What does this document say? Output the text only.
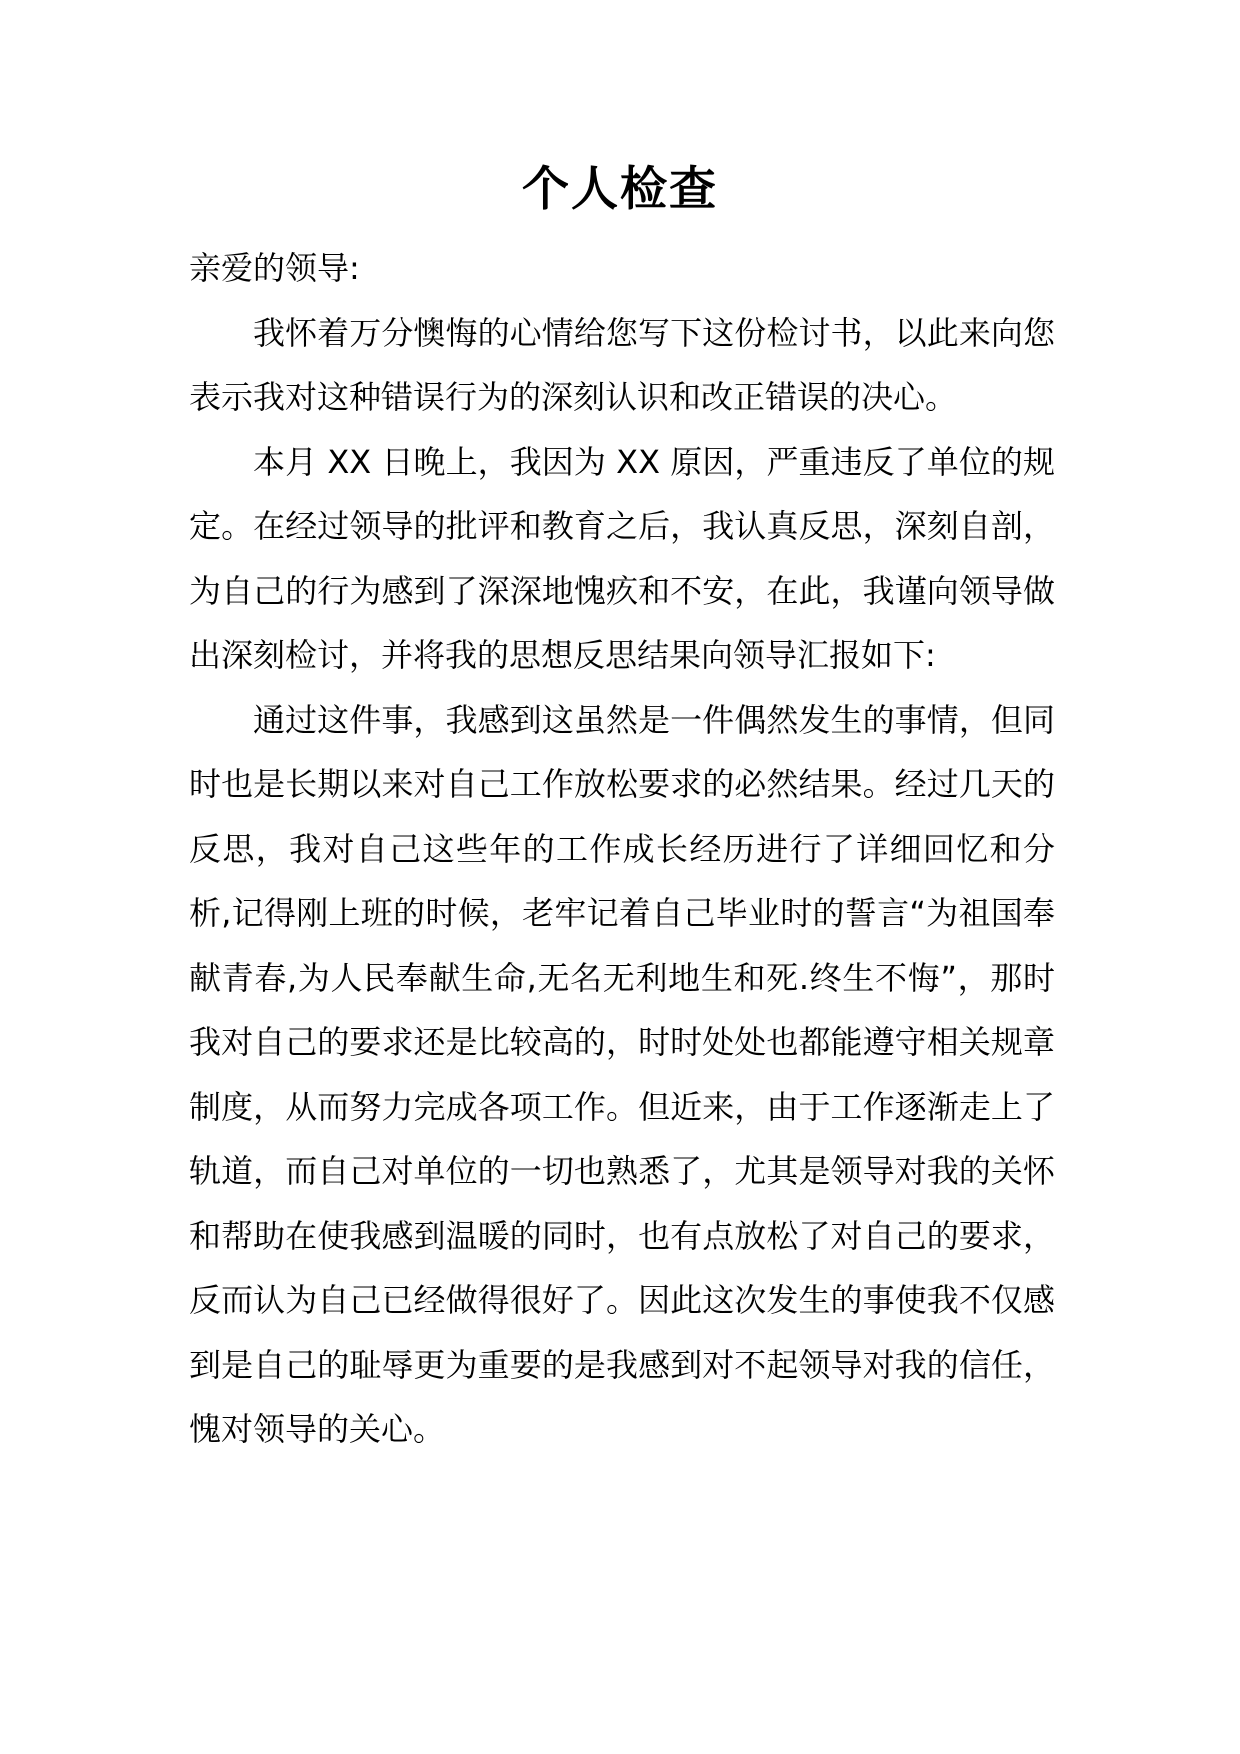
个人检查

亲爱的领导:

我怀着万分懊悔的心情给您写下这份检讨书，以此来向您表示我对这种错误行为的深刻认识和改正错误的决心。

本月 XX 日晚上，我因为 XX 原因，严重违反了单位的规定。在经过领导的批评和教育之后，我认真反思，深刻自剖，为自己的行为感到了深深地愧疚和不安，在此，我谨向领导做出深刻检讨，并将我的思想反思结果向领导汇报如下:

通过这件事，我感到这虽然是一件偶然发生的事情，但同时也是长期以来对自己工作放松要求的必然结果。经过几天的反思，我对自己这些年的工作成长经历进行了详细回忆和分析,记得刚上班的时候，老牢记着自己毕业时的誓言“为祖国奉献青春,为人民奉献生命,无名无利地生和死.终生不悔”，那时我对自己的要求还是比较高的，时时处处也都能遵守相关规章制度，从而努力完成各项工作。但近来，由于工作逐渐走上了轨道，而自己对单位的一切也熟悉了，尤其是领导对我的关怀和帮助在使我感到温暖的同时，也有点放松了对自己的要求，反而认为自己已经做得很好了。因此这次发生的事使我不仅感到是自己的耻辱更为重要的是我感到对不起领导对我的信任，愧对领导的关心。
